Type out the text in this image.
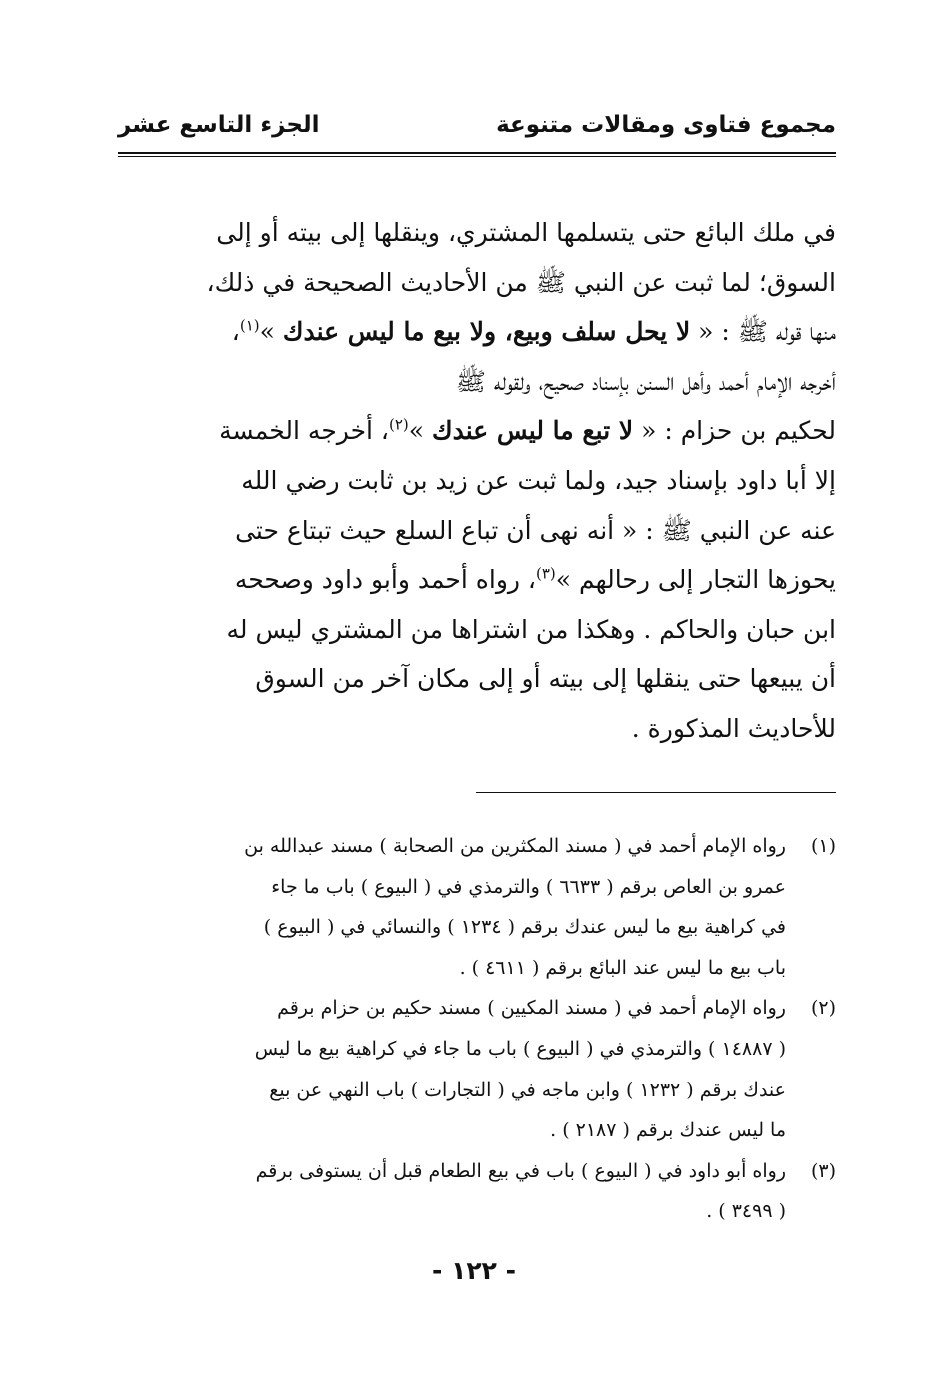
مجموع فتاوى ومقالات متنوعة
الجزء التاسع عشر
في ملك البائع حتى يتسلمها المشتري، وينقلها إلى بيته أو إلى
السوق؛ لما ثبت عن النبي ﷺ من الأحاديث الصحيحة في ذلك،
منها قوله ﷺ : « لا يحل سلف وبيع، ولا بيع ما ليس عندك »$^{(١)}$،
أخرجه الإمام أحمد وأهل السنن بإسناد صحيح، ولقوله ﷺ
لحكيم بن حزام : « لا تبع ما ليس عندك »$^{(٢)}$، أخرجه الخمسة
إلا أبا داود بإسناد جيد، ولما ثبت عن زيد بن ثابت رضي الله
عنه عن النبي ﷺ : « أنه نهى أن تباع السلع حيث تبتاع حتى
يحوزها التجار إلى رحالهم »$^{(٣)}$، رواه أحمد وأبو داود وصححه
ابن حبان والحاكم . وهكذا من اشتراها من المشتري ليس له
أن يبيعها حتى ينقلها إلى بيته أو إلى مكان آخر من السوق
للأحاديث المذكورة .
(١)
رواه الإمام أحمد في ( مسند المكثرين من الصحابة ) مسند عبدالله بن
عمرو بن العاص برقم ( ٦٦٣٣ ) والترمذي في ( البيوع ) باب ما جاء
في كراهية بيع ما ليس عندك برقم ( ١٢٣٤ ) والنسائي في ( البيوع )
باب بيع ما ليس عند البائع برقم ( ٤٦١١ ) .
(٢)
رواه الإمام أحمد في ( مسند المكيين ) مسند حكيم بن حزام برقم
( ١٤٨٨٧ ) والترمذي في ( البيوع ) باب ما جاء في كراهية بيع ما ليس
عندك برقم ( ١٢٣٢ ) وابن ماجه في ( التجارات ) باب النهي عن بيع
ما ليس عندك برقم ( ٢١٨٧ ) .
(٣)
رواه أبو داود في ( البيوع ) باب في بيع الطعام قبل أن يستوفى برقم
( ٣٤٩٩ ) .
- ١٢٢ -
